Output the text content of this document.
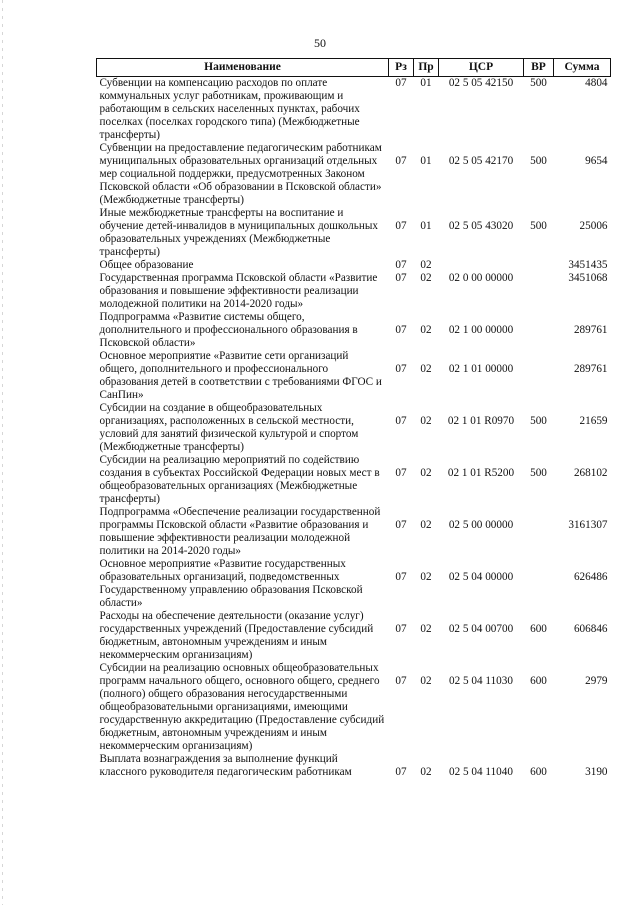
50
Наименование	Рз	Пр	ЦСР	ВР	Сумма
Субвенции на компенсацию расходов по оплате коммунальных услуг работникам, проживающим и работающим в сельских населенных пунктах, рабочих поселках (поселках городского типа) (Межбюджетные трансферты)	07	01	02 5 05 42150	500	4804
Субвенции на предоставление педагогическим работникам муниципальных образовательных организаций отдельных мер социальной поддержки, предусмотренных Законом Псковской области «Об образовании в Псковской области» (Межбюджетные трансферты)	07	01	02 5 05 42170	500	9654
Иные межбюджетные трансферты на воспитание и обучение детей-инвалидов в муниципальных дошкольных образовательных учреждениях (Межбюджетные трансферты)	07	01	02 5 05 43020	500	25006
Общее образование	07	02			3451435
Государственная программа Псковской области «Развитие образования и повышение эффективности реализации молодежной политики на 2014-2020 годы»	07	02	02 0 00 00000		3451068
Подпрограмма «Развитие системы общего, дополнительного и профессионального образования в Псковской области»	07	02	02 1 00 00000		289761
Основное мероприятие «Развитие сети организаций общего, дополнительного и профессионального образования детей в соответствии с требованиями ФГОС и СанПин»	07	02	02 1 01 00000		289761
Субсидии на создание в общеобразовательных организациях, расположенных в сельской местности, условий для занятий физической культурой и спортом (Межбюджетные трансферты)	07	02	02 1 01 R0970	500	21659
Субсидии на реализацию мероприятий по содействию создания в субъектах Российской Федерации новых мест в общеобразовательных организациях (Межбюджетные трансферты)	07	02	02 1 01 R5200	500	268102
Подпрограмма «Обеспечение реализации государственной программы Псковской области «Развитие образования и повышение эффективности реализации молодежной политики на 2014-2020 годы»	07	02	02 5 00 00000		3161307
Основное мероприятие «Развитие государственных образовательных организаций, подведомственных Государственному управлению образования Псковской области»	07	02	02 5 04 00000		626486
Расходы на обеспечение деятельности (оказание услуг) государственных учреждений (Предоставление субсидий бюджетным, автономным учреждениям и иным некоммерческим организациям)	07	02	02 5 04 00700	600	606846
Субсидии на реализацию основных общеобразовательных программ начального общего, основного общего, среднего (полного) общего образования негосударственными общеобразовательными организациями, имеющими государственную аккредитацию (Предоставление субсидий бюджетным, автономным учреждениям и иным некоммерческим организациям)	07	02	02 5 04 11030	600	2979
Выплата вознаграждения за выполнение функций классного руководителя педагогическим работникам	07	02	02 5 04 11040	600	3190
